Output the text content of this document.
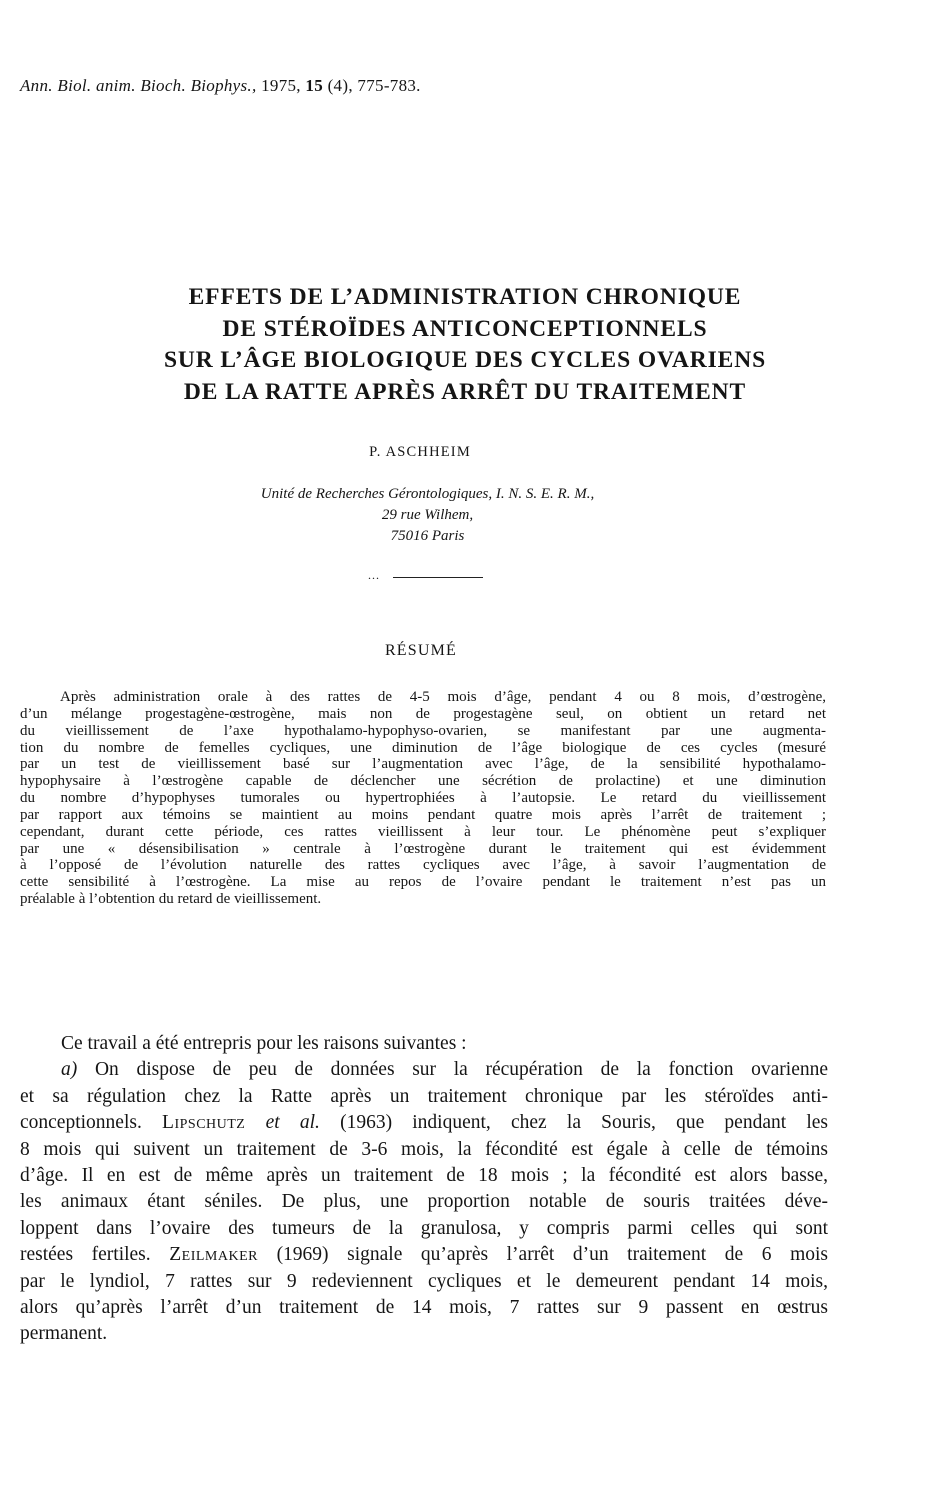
Ann. Biol. anim. Bioch. Biophys., 1975, 15 (4), 775-783.
EFFETS DE L’ADMINISTRATION CHRONIQUE
DE STÉROÏDES ANTICONCEPTIONNELS
SUR L’ÂGE BIOLOGIQUE DES CYCLES OVARIENS
DE LA RATTE APRÈS ARRÊT DU TRAITEMENT
P. ASCHHEIM
Unité de Recherches Gérontologiques, I. N. S. E. R. M.,
29 rue Wilhem,
75016 Paris
...
RÉSUMÉ
Après administration orale à des rattes de 4-5 mois d’âge, pendant 4 ou 8 mois, d’œstrogène,
d’un mélange progestagène-œstrogène, mais non de progestagène seul, on obtient un retard net
du vieillissement de l’axe hypothalamo-hypophyso-ovarien, se manifestant par une augmenta-
tion du nombre de femelles cycliques, une diminution de l’âge biologique de ces cycles (mesuré
par un test de vieillissement basé sur l’augmentation avec l’âge, de la sensibilité hypothalamo-
hypophysaire à l’œstrogène capable de déclencher une sécrétion de prolactine) et une diminution
du nombre d’hypophyses tumorales ou hypertrophiées à l’autopsie. Le retard du vieillissement
par rapport aux témoins se maintient au moins pendant quatre mois après l’arrêt de traitement ;
cependant, durant cette période, ces rattes vieillissent à leur tour. Le phénomène peut s’expliquer
par une « désensibilisation » centrale à l’œstrogène durant le traitement qui est évidemment
à l’opposé de l’évolution naturelle des rattes cycliques avec l’âge, à savoir l’augmentation de
cette sensibilité à l’œstrogène. La mise au repos de l’ovaire pendant le traitement n’est pas un
préalable à l’obtention du retard de vieillissement.
Ce travail a été entrepris pour les raisons suivantes :
a) On dispose de peu de données sur la récupération de la fonction ovarienne
et sa régulation chez la Ratte après un traitement chronique par les stéroïdes anti-
conceptionnels. Lipschutz et al. (1963) indiquent, chez la Souris, que pendant les
8 mois qui suivent un traitement de 3-6 mois, la fécondité est égale à celle de témoins
d’âge. Il en est de même après un traitement de 18 mois ; la fécondité est alors basse,
les animaux étant séniles. De plus, une proportion notable de souris traitées déve-
loppent dans l’ovaire des tumeurs de la granulosa, y compris parmi celles qui sont
restées fertiles. Zeilmaker (1969) signale qu’après l’arrêt d’un traitement de 6 mois
par le lyndiol, 7 rattes sur 9 redeviennent cycliques et le demeurent pendant 14 mois,
alors qu’après l’arrêt d’un traitement de 14 mois, 7 rattes sur 9 passent en œstrus
permanent.
